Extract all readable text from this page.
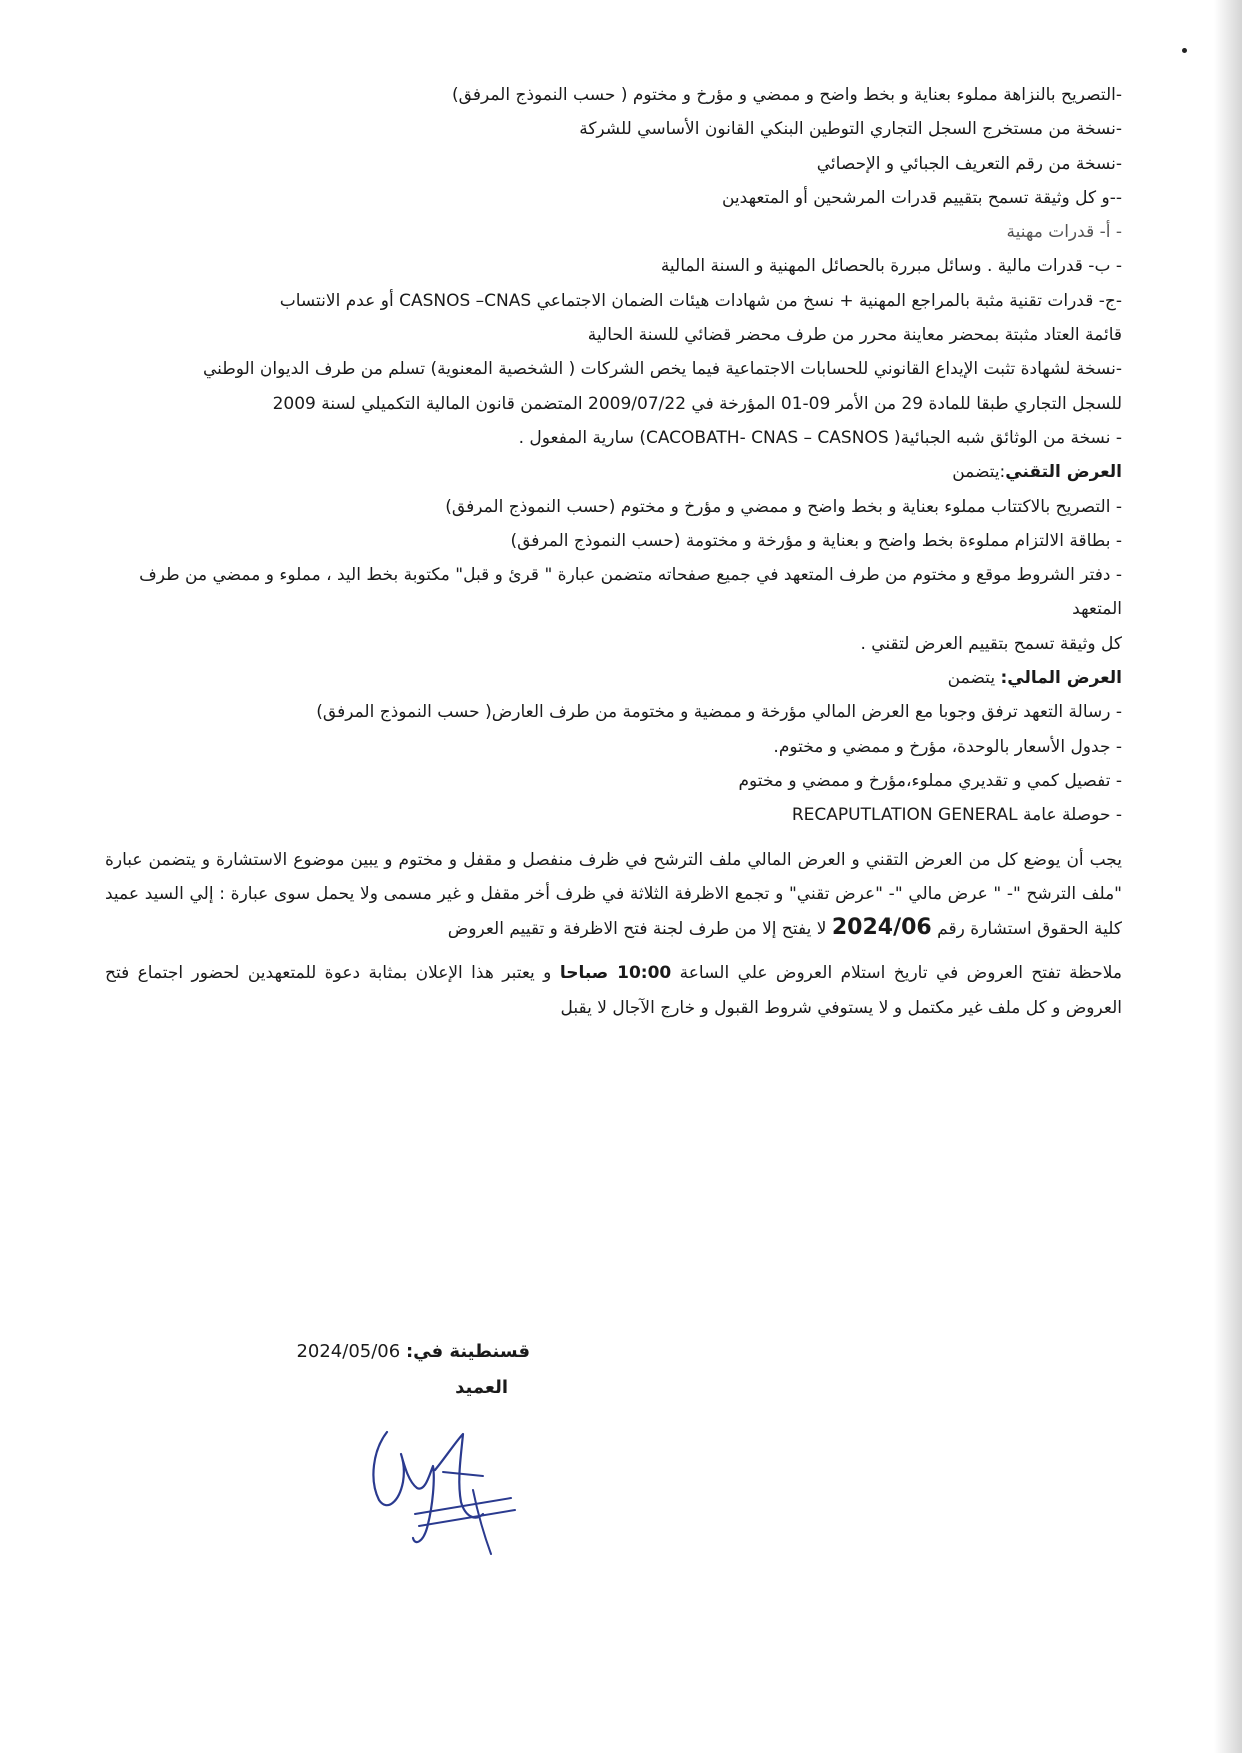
-التصريح بالنزاهة مملوء بعناية و بخط واضح و ممضي و مؤرخ و مختوم ( حسب النموذج المرفق)
-نسخة من مستخرج السجل التجاري التوطين البنكي القانون الأساسي للشركة
-نسخة من رقم التعريف الجبائي و الإحصائي
--و كل وثيقة تسمح بتقييم قدرات المرشحين أو المتعهدين
- أ- قدرات مهنية
- ب- قدرات مالية . وسائل مبررة بالحصائل المهنية و السنة المالية
-ج- قدرات تقنية مثبة بالمراجع المهنية + نسخ من شهادات هيئات الضمان الاجتماعي CASNOS –CNAS أو عدم الانتساب
قائمة العتاد مثبتة بمحضر معاينة محرر من طرف محضر قضائي للسنة الحالية
-نسخة لشهادة تثبت الإيداع القانوني للحسابات الاجتماعية فيما يخص الشركات ( الشخصية المعنوية) تسلم من طرف الديوان الوطني
للسجل التجاري طبقا للمادة 29 من الأمر 09-01 المؤرخة في 2009/07/22 المتضمن قانون المالية التكميلي لسنة 2009
- نسخة من الوثائق شبه الجبائية( CACOBATH- CNAS – CASNOS) سارية المفعول .
العرض التقني:يتضمن
- التصريح بالاكتتاب مملوء بعناية و بخط واضح و ممضي و مؤرخ و مختوم (حسب النموذج المرفق)
- بطاقة الالتزام مملوءة بخط واضح و بعناية و مؤرخة و مختومة (حسب النموذج المرفق)
- دفتر الشروط موقع و مختوم من طرف المتعهد في جميع صفحاته متضمن عبارة " قرئ و قبل" مكتوبة بخط اليد ، مملوء و ممضي من طرف المتعهد
كل وثيقة تسمح بتقييم العرض لتقني .
العرض المالي: يتضمن
- رسالة التعهد ترفق وجوبا مع العرض المالي مؤرخة و ممضية و مختومة من طرف العارض( حسب النموذج المرفق)
- جدول الأسعار بالوحدة، مؤرخ و ممضي و مختوم.
- تفصيل كمي و تقديري مملوء،مؤرخ و ممضي و مختوم
- حوصلة عامة RECAPUTLATION GENERAL
يجب أن يوضع كل من العرض التقني و العرض المالي ملف الترشح في ظرف منفصل و مقفل و مختوم و يبين موضوع الاستشارة و يتضمن عبارة "ملف الترشح "- " عرض مالي "- "عرض تقني" و تجمع الاظرفة الثلاثة في ظرف أخر مقفل و غير مسمى ولا يحمل سوى عبارة : إلي السيد عميد كلية الحقوق استشارة رقم 2024/06 لا يفتح إلا من طرف لجنة فتح الاظرفة و تقييم العروض
ملاحظة تفتح العروض في تاريخ استلام العروض علي الساعة 10:00 صباحا و يعتبر هذا الإعلان بمثابة دعوة للمتعهدين لحضور اجتماع فتح العروض و كل ملف غير مكتمل و لا يستوفي شروط القبول و خارج الآجال لا يقبل
قسنطينة في: 2024/05/06
العميد
